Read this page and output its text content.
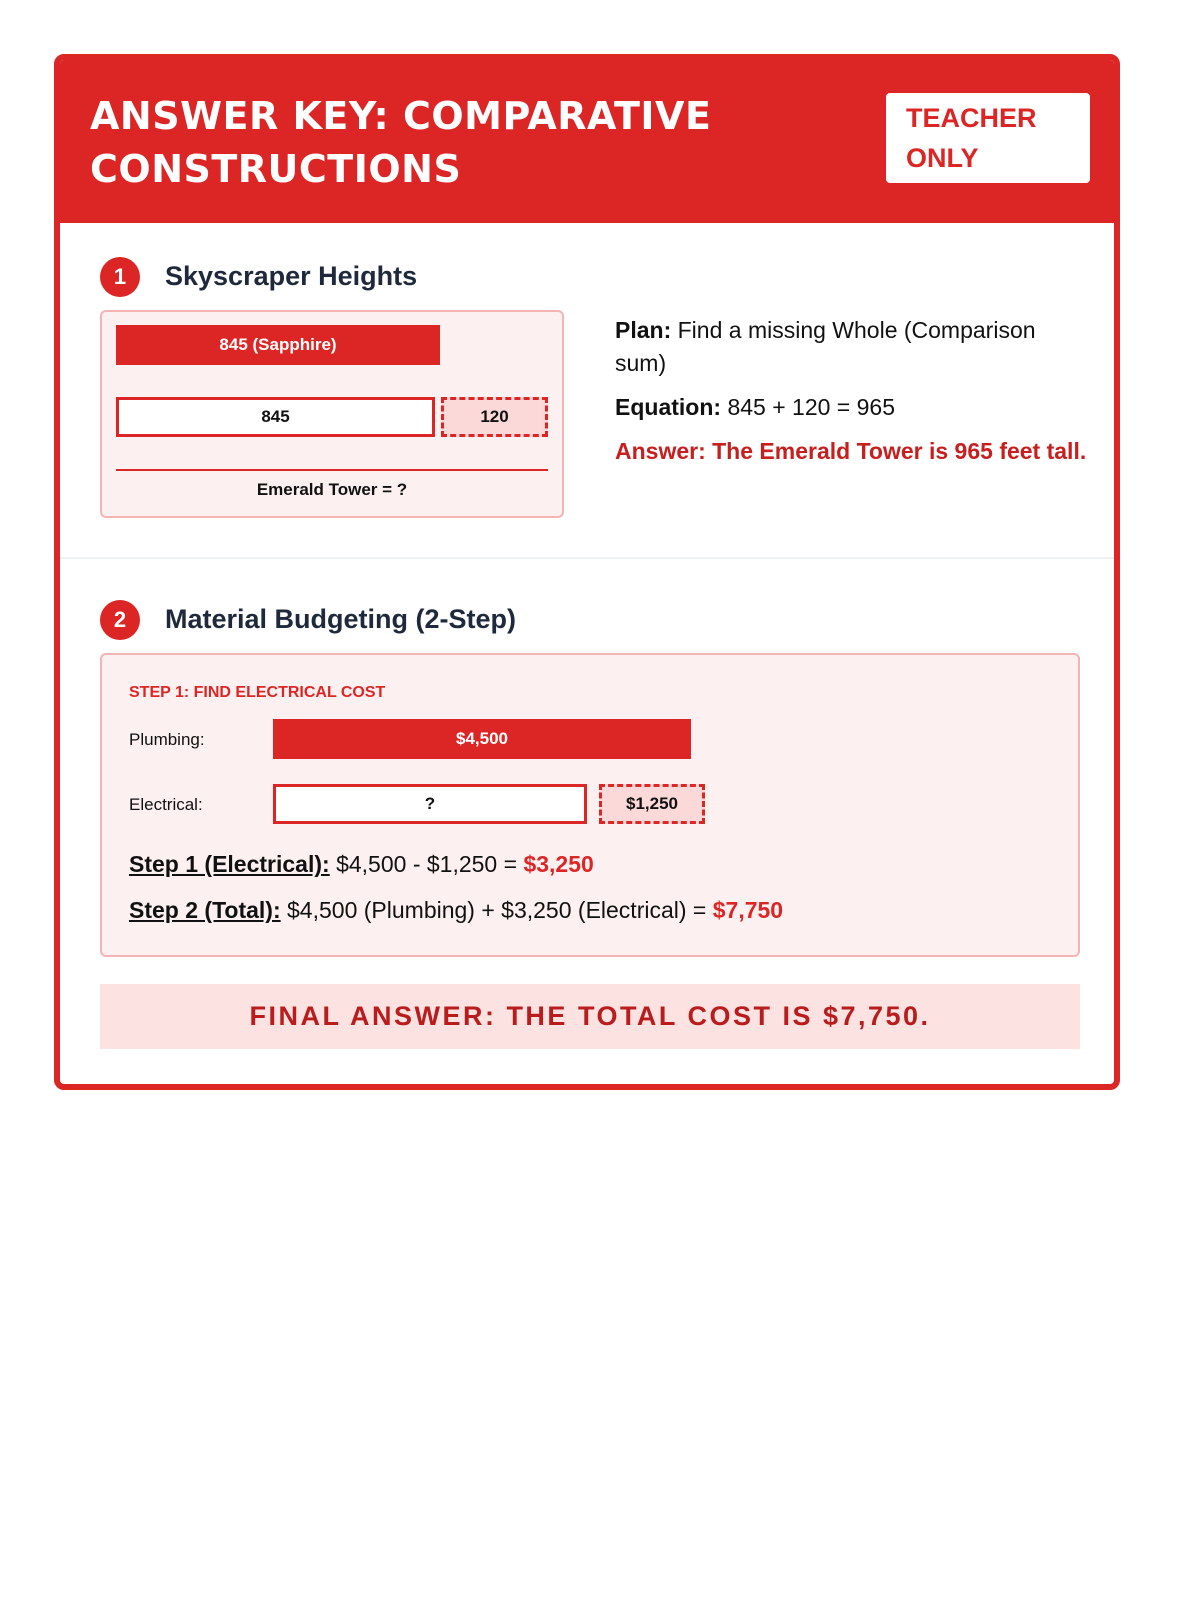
ANSWER KEY: COMPARATIVE CONSTRUCTIONS
TEACHER ONLY
1	Skyscraper Heights
845 (Sapphire)
845	120
Emerald Tower = ?
Plan: Find a missing Whole (Comparison sum)
Equation: 845 + 120 = 965
Answer: The Emerald Tower is 965 feet tall.
2	Material Budgeting (2-Step)
STEP 1: FIND ELECTRICAL COST
Plumbing:	$4,500
Electrical:	?	$1,250
Step 1 (Electrical): $4,500 - $1,250 = $3,250
Step 2 (Total): $4,500 (Plumbing) + $3,250 (Electrical) = $7,750
FINAL ANSWER: THE TOTAL COST IS $7,750.
